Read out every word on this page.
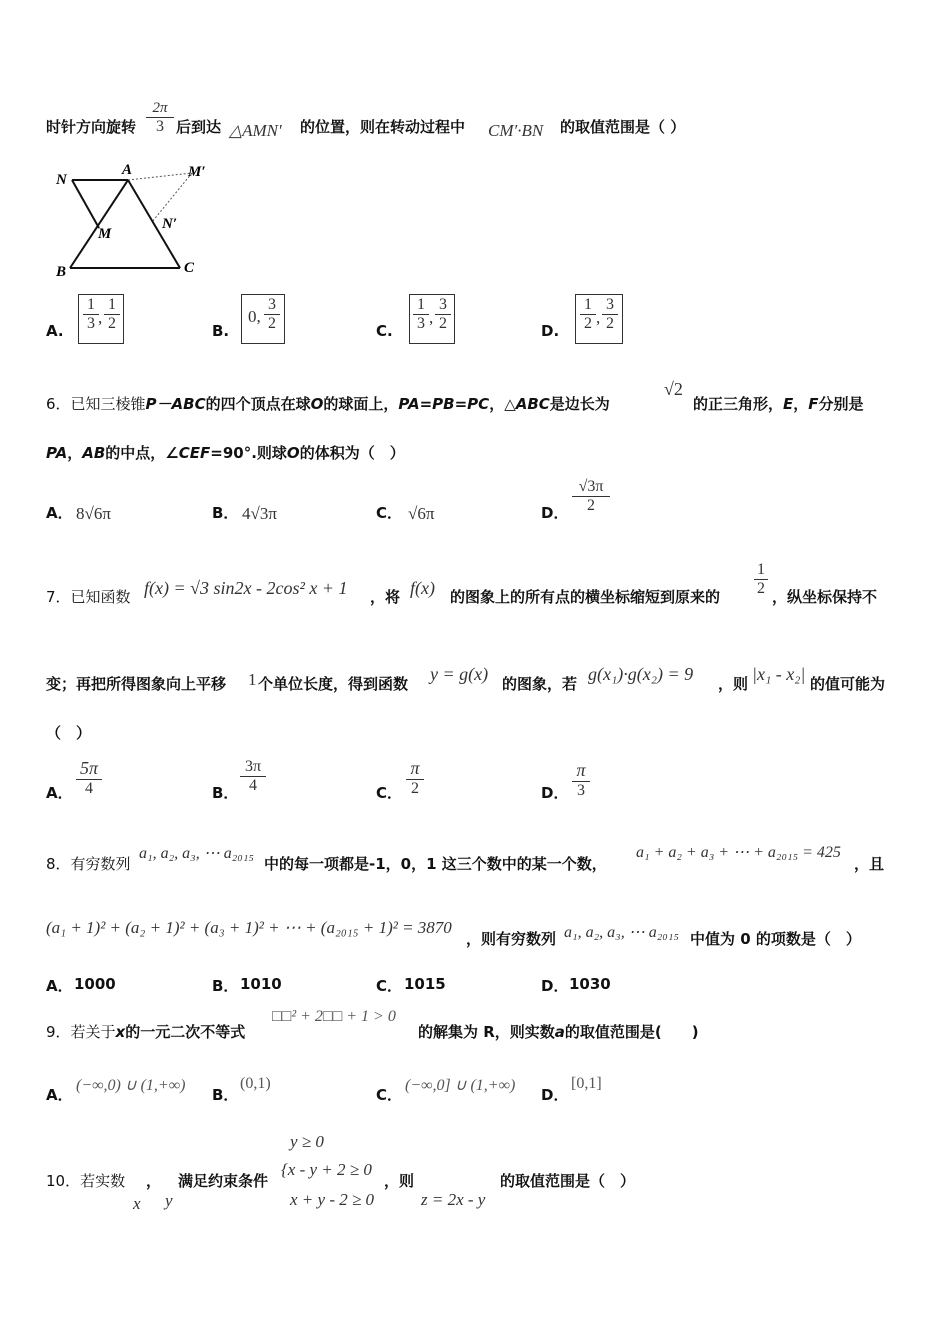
时针方向旋转 $\frac{2\pi}{3}$ 后到达 △AMN′ 的位置，则在转动过程中 CM′·BN 的取值范围是（ ）
N
A	M′
M
N′
B	C
A. $\frac{1}{3}$ , $\frac{1}{2}$	B.
0, $\frac{3}{2}$	C. $\frac{1}{3}$ , $\frac{3}{2}$	D. $\frac{1}{2}$ , $\frac{3}{2}$
6．已知三棱锥P－ABC的四个顶点在球O的球面上，PA=PB=PC，△ABC是边长为
√2
的正三角形，E，F分别是
PA，AB的中点，∠CEF=90°.则球O的体积为（　）
A． 8√6π	B． 4√3π	C． √6π	D． $\frac{√3\pi}{2}$
7．已知函数 f(x) = √3 sin2x - 2cos² x + 1 ，将 f(x) 的图象上的所有点的横坐标缩短到原来的 $\frac{1}{2}$ ，纵坐标保持不
变；再把所得图象向上平移 1 个单位长度，得到函数 y = g(x) 的图象，若 g(x₁)·g(x₂) = 9 ，则 |x₁ - x₂| 的值可能为
（　）
A． $\frac{5\pi}{4}$	B． $\frac{3\pi}{4}$	C． $\frac{\pi}{2}$	D． $\frac{\pi}{3}$
8．有穷数列
a₁, a₂, a₃, ⋯ a₂₀₁₅
中的每一项都是-1，0，1 这三个数中的某一个数，
a₁ + a₂ + a₃ + ⋯ + a₂₀₁₅ = 425
，且
(a₁ + 1)² + (a₂ + 1)² + (a₃ + 1)² + ⋯ + (a₂₀₁₅ + 1)² = 3870
，则有穷数列 a₁, a₂, a₃, ⋯ a₂₀₁₅ 中值为 0 的项数是（　）
A． 1000	B． 1010	C． 1015	D． 1030
9．若关于x的一元二次不等式
□□² + 2□□ + 1 > 0
的解集为 R，则实数a的取值范围是(　　)
A．
(−∞,0) ∪ (1,+∞)
B．
(0,1)
C．
(−∞,0] ∪ (1,+∞)
D．
[0,1]
10．若实数 ， 满足约束条件
y ≥ 0
{x - y + 2 ≥ 0
x + y - 2 ≥ 0
，则	的取值范围是（　）
x y	z = 2x - y
